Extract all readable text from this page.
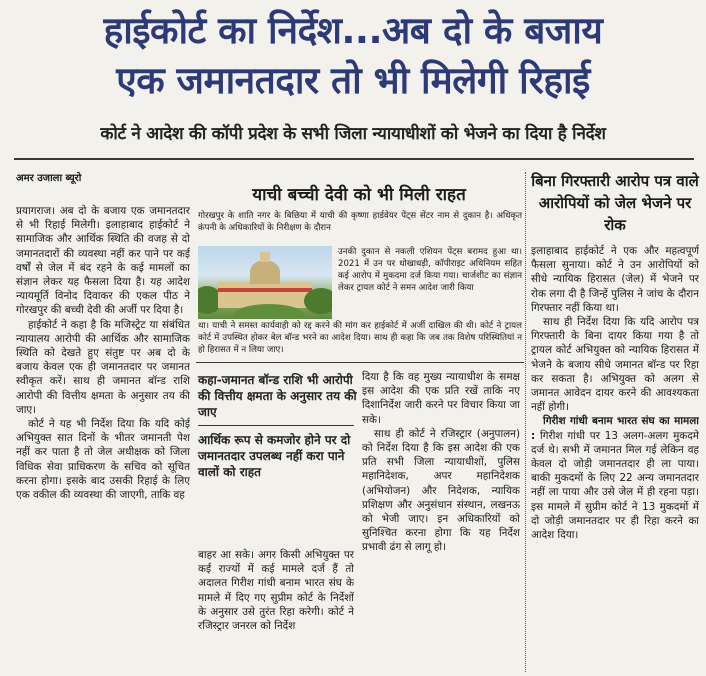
हाईकोर्ट का निर्देश...अब दो के बजाय
एक जमानतदार तो भी मिलेगी रिहाई
कोर्ट ने आदेश की कॉपी प्रदेश के सभी जिला न्यायाधीशों को भेजने का दिया है निर्देश
अमर उजाला ब्यूरो

प्रयागराज। अब दो के बजाय एक जमानतदार से भी रिहाई मिलेगी। इलाहाबाद हाईकोर्ट ने सामाजिक और आर्थिक स्थिति की वजह से दो जमानतदारों की व्यवस्था नहीं कर पाने पर कई वर्षों से जेल में बंद रहने के कई मामलों का संज्ञान लेकर यह फैसला दिया है। यह आदेश न्यायमूर्ति विनोद दिवाकर की एकल पीठ ने गोरखपुर की बच्ची देवी की अर्जी पर दिया है।

हाईकोर्ट ने कहा है कि मजिस्ट्रेट या संबंधित न्यायालय आरोपी की आर्थिक और सामाजिक स्थिति को देखते हुए संतुष्ट पर अब दो के बजाय केवल एक ही जमानतदार पर जमानत स्वीकृत करें। साथ ही जमानत बॉन्ड राशि आरोपी की वित्तीय क्षमता के अनुसार तय की जाए।

कोर्ट ने यह भी निर्देश दिया कि यदि कोई अभियुक्त सात दिनों के भीतर जमानती पेश नहीं कर पाता है तो जेल अधीक्षक को जिला विधिक सेवा प्राधिकरण के सचिव को सूचित करना होगा। इसके बाद उसकी रिहाई के लिए एक वकील की व्यवस्था की जाएगी, ताकि वह

याची बच्ची देवी को भी मिली राहत
गोरखपुर के शाति नगर के बिछिया में याची की कृष्णा हार्डवेयर पेंट्स सेंटर नाम से दुकान है। अधिकृत कंपनी के अधिकारियों के निरीक्षण के दौरान
उनकी दुकान से नकली एशियन पेंट्स बरामद हुआ था। 2021 में उन पर धोखाधड़ी, कॉपीराइट अधिनियम सहित कई आरोप में मुकदमा दर्ज किया गया। चार्जशीट का संज्ञान लेकर ट्रायल कोर्ट ने समन आदेश जारी किया
था। याची ने समस्त कार्यवाही को रद्द करने की मांग कर हाईकोर्ट में अर्जी दाखिल की थी। कोर्ट ने ट्रायल कोर्ट में उपस्थित होकर बेल बॉन्ड भरने का आदेश दिया। साथ ही कहा कि जब तक विशेष परिस्थितियां न हो हिरासत में न लिया जाए।
कहा-जमानत बॉन्ड राशि भी आरोपी की वित्तीय क्षमता के अनुसार तय की जाए
आर्थिक रूप से कमजोर होने पर दो जमानतदार उपलब्ध नहीं करा पाने वालों को राहत
बाहर आ सके। अगर किसी अभियुक्त पर कई राज्यों में कई मामले दर्ज हैं तो अदालत गिरीश गांधी बनाम भारत संघ के मामले में दिए गए सुप्रीम कोर्ट के निर्देशों के अनुसार उसे तुरंत रिहा करेगी। कोर्ट ने रजिस्ट्रार जनरल को निर्देश

दिया है कि वह मुख्य न्यायाधीश के समक्ष इस आदेश की एक प्रति रखें ताकि नए दिशानिर्देश जारी करने पर विचार किया जा सके।

साथ ही कोर्ट ने रजिस्ट्रार (अनुपालन) को निर्देश दिया है कि इस आदेश की एक प्रति सभी जिला न्यायाधीशों, पुलिस महानिदेशक, अपर महानिदेशक (अभियोजन) और निदेशक, न्यायिक प्रशिक्षण और अनुसंधान संस्थान, लखनऊ को भेजी जाए। इन अधिकारियों को सुनिश्चित करना होगा कि यह निर्देश प्रभावी ढंग से लागू हो।

बिना गिरफ्तारी आरोप पत्र वाले आरोपियों को जेल भेजने पर रोक

इलाहाबाद हाईकोर्ट ने एक और महत्वपूर्ण फैसला सुनाया। कोर्ट ने उन आरोपियों को सीधे न्यायिक हिरासत (जेल) में भेजने पर रोक लगा दी है जिन्हें पुलिस ने जांच के दौरान गिरफ्तार नहीं किया था।

साथ ही निर्देश दिया कि यदि आरोप पत्र गिरफ्तारी के बिना दायर किया गया है तो ट्रायल कोर्ट अभियुक्त को न्यायिक हिरासत में भेजने के बजाय सीधे जमानत बॉन्ड पर रिहा कर सकता है। अभियुक्त को अलग से जमानत आवेदन दायर करने की आवश्यकता नहीं होगी।

गिरीश गांधी बनाम भारत संघ का मामला : गिरीश गांधी पर 13 अलग-अलग मुकदमे दर्ज थे। सभी में जमानत मिल गई लेकिन वह केवल दो जोड़ी जमानतदार ही ला पाया। बाकी मुकदमों के लिए 22 अन्य जमानतदार नहीं ला पाया और उसे जेल में ही रहना पड़ा। इस मामले में सुप्रीम कोर्ट ने 13 मुकदमों में दो जोड़ी जमानतदार पर ही रिहा करने का आदेश दिया।
